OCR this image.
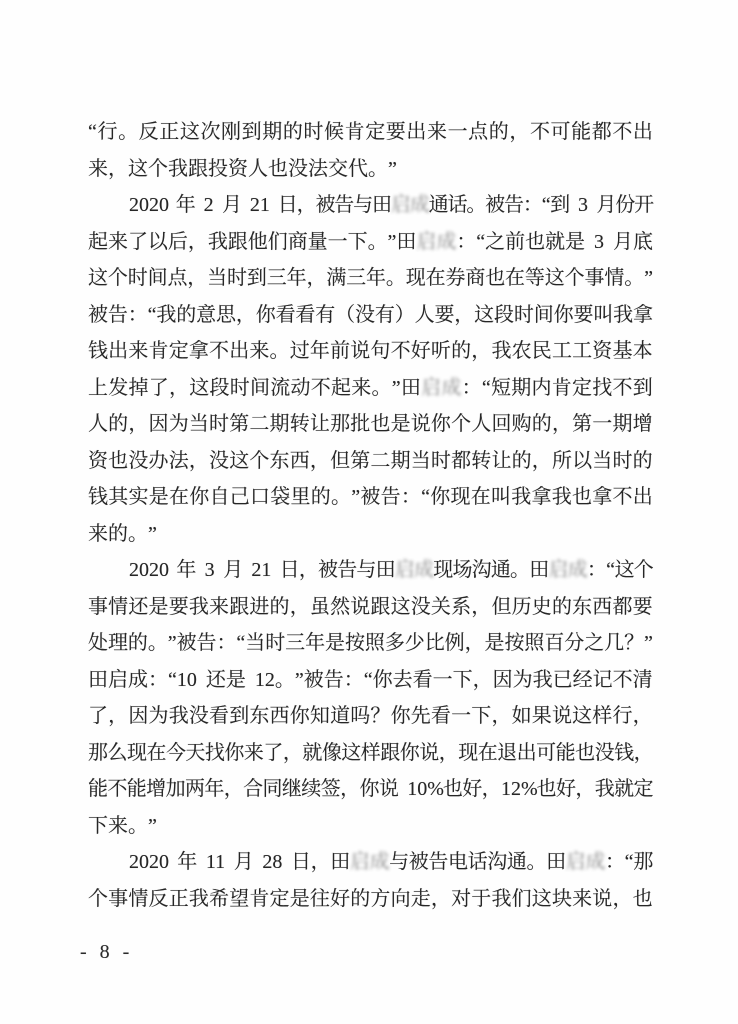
“ 行 。 反 正 这 次 刚 到 期 的 时 候 肯 定 要 出 来 一 点 的 ， 不 可 能 都 不 出
来 ， 这 个 我 跟 投 资 人 也 没 法 交 代 。 ”
2020 年 2 月 21 日
，
被
告
与
田
启
成
通
话
。
被
告
：
“ 到 3 月
份
开
起 来 了 以 后 ， 我 跟 他 们 商 量 一 下 。 ” 田 启 成 ： “ 之 前 也 就 是 3 月 底
这 个 时 间 点 ， 当 时 到 三 年 ， 满 三 年 。 现 在 券 商 也 在 等 这 个 事 情 。 ”
被 告 ： “ 我 的 意 思 ， 你 看 看 有 （ 没 有 ） 人 要 ， 这 段 时 间 你 要 叫 我 拿
钱 出 来 肯 定 拿 不 出 来 。 过 年 前 说 句 不 好 听 的 ， 我 农 民 工 工 资 基 本
上 发 掉 了 ， 这 段 时 间 流 动 不 起 来 。 ” 田 启 成 ： “ 短 期 内 肯 定 找 不 到
人 的 ， 因 为 当 时 第 二 期 转 让 那 批 也 是 说 你 个 人 回 购 的 ， 第 一 期 增
资 也 没 办 法 ， 没 这 个 东 西 ， 但 第 二 期 当 时 都 转 让 的 ， 所 以 当 时 的
钱 其 实 是 在 你 自 己 口 袋 里 的 。 ” 被 告 ： “ 你 现 在 叫 我 拿 我 也 拿 不 出
来 的 。 ”
2020 年 3 月 21 日 ， 被 告 与 田 启 成 现 场 沟 通 。 田 启 成 ： “ 这 个
事 情 还 是 要 我 来 跟 进 的 ， 虽 然 说 跟 这 没 关 系 ， 但 历 史 的 东 西 都 要
处 理 的 。 ” 被 告 ： “ 当 时 三 年 是 按 照 多 少 比 例 ， 是 按 照 百 分 之 几 ？ ”
田 启 成 ： “ 10 还 是 12 。 ” 被 告 ： “ 你 去 看 一 下 ， 因 为 我 已 经 记 不 清
了 ， 因 为 我 没 看 到 东 西 你 知 道 吗 ？ 你 先 看 一 下 ， 如 果 说 这 样 行 ，
那 么 现 在 今 天 找 你 来 了 ， 就 像 这 样 跟 你 说 ， 现 在 退 出 可 能 也 没 钱 ，
能 不 能 增 加 两 年 ， 合 同 继 续 签 ， 你 说 10%
也 好 ， 12%
也 好 ， 我 就 定
下 来 。 ”
2020 年 11 月 28 日 ， 田 启 成 与 被 告 电 话 沟 通 。 田 启 成 ： “ 那
个 事 情 反 正 我 希 望 肯 定 是 往 好 的 方 向 走 ， 对 于 我 们 这 块 来 说 ， 也
- 8 -
